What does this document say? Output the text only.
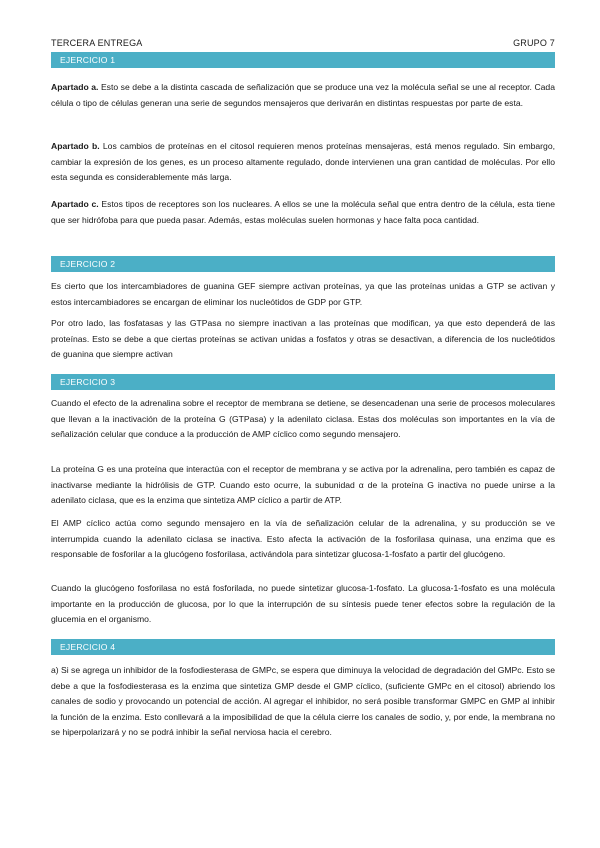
TERCERA ENTREGA	GRUPO 7
EJERCICIO 1

Apartado a. Esto se debe a la distinta cascada de señalización que se produce una vez la molécula señal se une al receptor. Cada célula o tipo de células generan una serie de segundos mensajeros que derivarán en distintas respuestas por parte de esta.

Apartado b. Los cambios de proteínas en el citosol requieren menos proteínas mensajeras, está menos regulado. Sin embargo, cambiar la expresión de los genes, es un proceso altamente regulado, donde intervienen una gran cantidad de moléculas. Por ello esta segunda es considerablemente más larga.

Apartado c. Estos tipos de receptores son los nucleares. A ellos se une la molécula señal que entra dentro de la célula, esta tiene que ser hidrófoba para que pueda pasar. Además, estas moléculas suelen hormonas y hace falta poca cantidad.

EJERCICIO 2

Es cierto que los intercambiadores de guanina GEF siempre activan proteínas, ya que las proteínas unidas a GTP se activan y estos intercambiadores se encargan de eliminar los nucleótidos de GDP por GTP.

Por otro lado, las fosfatasas y las GTPasa no siempre inactivan a las proteínas que modifican, ya que esto dependerá de las proteínas. Esto se debe a que ciertas proteínas se activan unidas a fosfatos y otras se desactivan, a diferencia de los nucleótidos de guanina que siempre activan

EJERCICIO 3

Cuando el efecto de la adrenalina sobre el receptor de membrana se detiene, se desencadenan una serie de procesos moleculares que llevan a la inactivación de la proteína G (GTPasa) y la adenilato ciclasa. Estas dos moléculas son importantes en la vía de señalización celular que conduce a la producción de AMP cíclico como segundo mensajero.

La proteína G es una proteína que interactúa con el receptor de membrana y se activa por la adrenalina, pero también es capaz de inactivarse mediante la hidrólisis de GTP. Cuando esto ocurre, la subunidad α de la proteína G inactiva no puede unirse a la adenilato ciclasa, que es la enzima que sintetiza AMP cíclico a partir de ATP.

El AMP cíclico actúa como segundo mensajero en la vía de señalización celular de la adrenalina, y su producción se ve interrumpida cuando la adenilato ciclasa se inactiva. Esto afecta la activación de la fosforilasa quinasa, una enzima que es responsable de fosforilar a la glucógeno fosforilasa, activándola para sintetizar glucosa-1-fosfato a partir del glucógeno.

Cuando la glucógeno fosforilasa no está fosforilada, no puede sintetizar glucosa-1-fosfato. La glucosa-1-fosfato es una molécula importante en la producción de glucosa, por lo que la interrupción de su síntesis puede tener efectos sobre la regulación de la glucemia en el organismo.

EJERCICIO 4

a) Si se agrega un inhibidor de la fosfodiesterasa de GMPc, se espera que diminuya la velocidad de degradación del GMPc. Esto se debe a que la fosfodiesterasa es la enzima que sintetiza GMP desde el GMP cíclico, (suficiente GMPc en el citosol) abriendo los canales de sodio y provocando un potencial de acción. Al agregar el inhibidor, no será posible transformar GMPC en GMP al inhibir la función de la enzima. Esto conllevará a la imposibilidad de que la célula cierre los canales de sodio, y, por ende, la membrana no se hiperpolarizará y no se podrá inhibir la señal nerviosa hacia el cerebro.
